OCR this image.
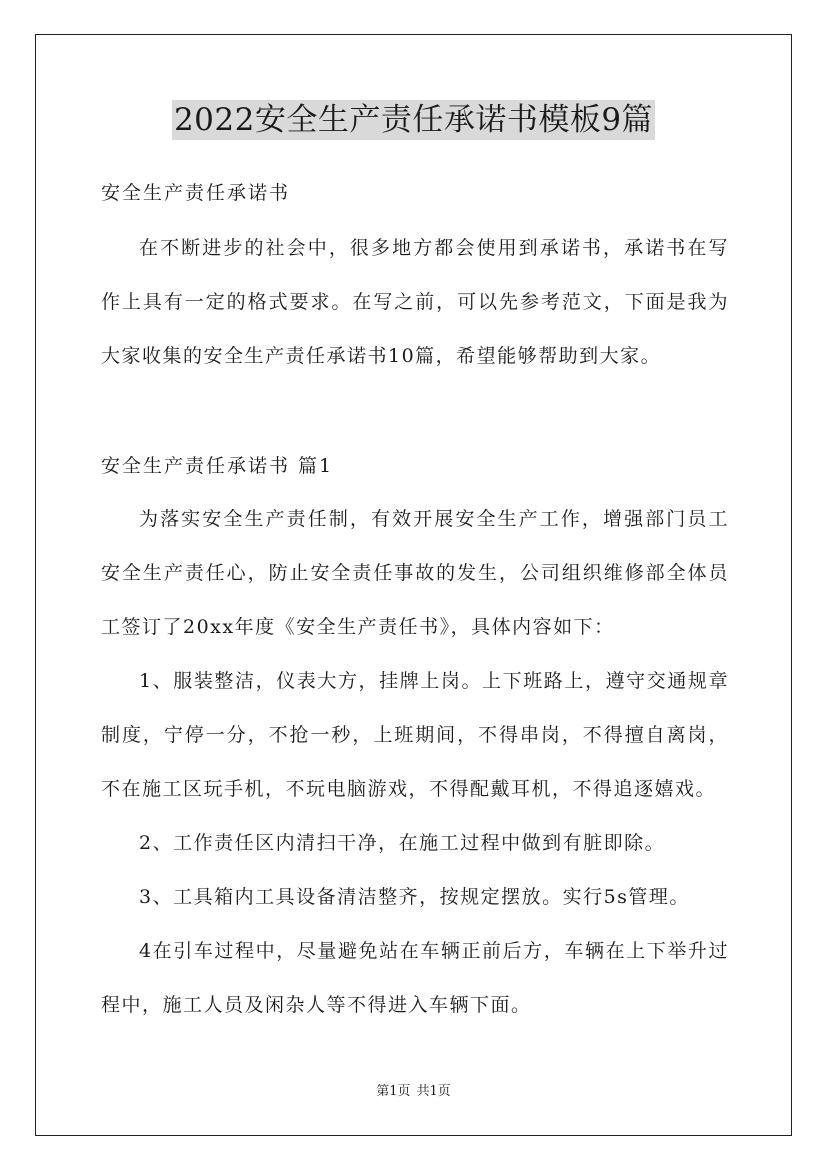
2022安全生产责任承诺书模板9篇
安全生产责任承诺书

在不断进步的社会中，很多地方都会使用到承诺书，承诺书在写作上具有一定的格式要求。在写之前，可以先参考范文，下面是我为大家收集的安全生产责任承诺书10篇，希望能够帮助到大家。

安全生产责任承诺书 篇1

为落实安全生产责任制，有效开展安全生产工作，增强部门员工安全生产责任心，防止安全责任事故的发生，公司组织维修部全体员工签订了20xx年度《安全生产责任书》，具体内容如下：

1、服装整洁，仪表大方，挂牌上岗。上下班路上，遵守交通规章制度，宁停一分，不抢一秒，上班期间，不得串岗，不得擅自离岗，不在施工区玩手机，不玩电脑游戏，不得配戴耳机，不得追逐嬉戏。

2、工作责任区内清扫干净，在施工过程中做到有脏即除。

3、工具箱内工具设备清洁整齐，按规定摆放。实行5s管理。

4在引车过程中，尽量避免站在车辆正前后方，车辆在上下举升过程中，施工人员及闲杂人等不得进入车辆下面。

第1页 共1页
